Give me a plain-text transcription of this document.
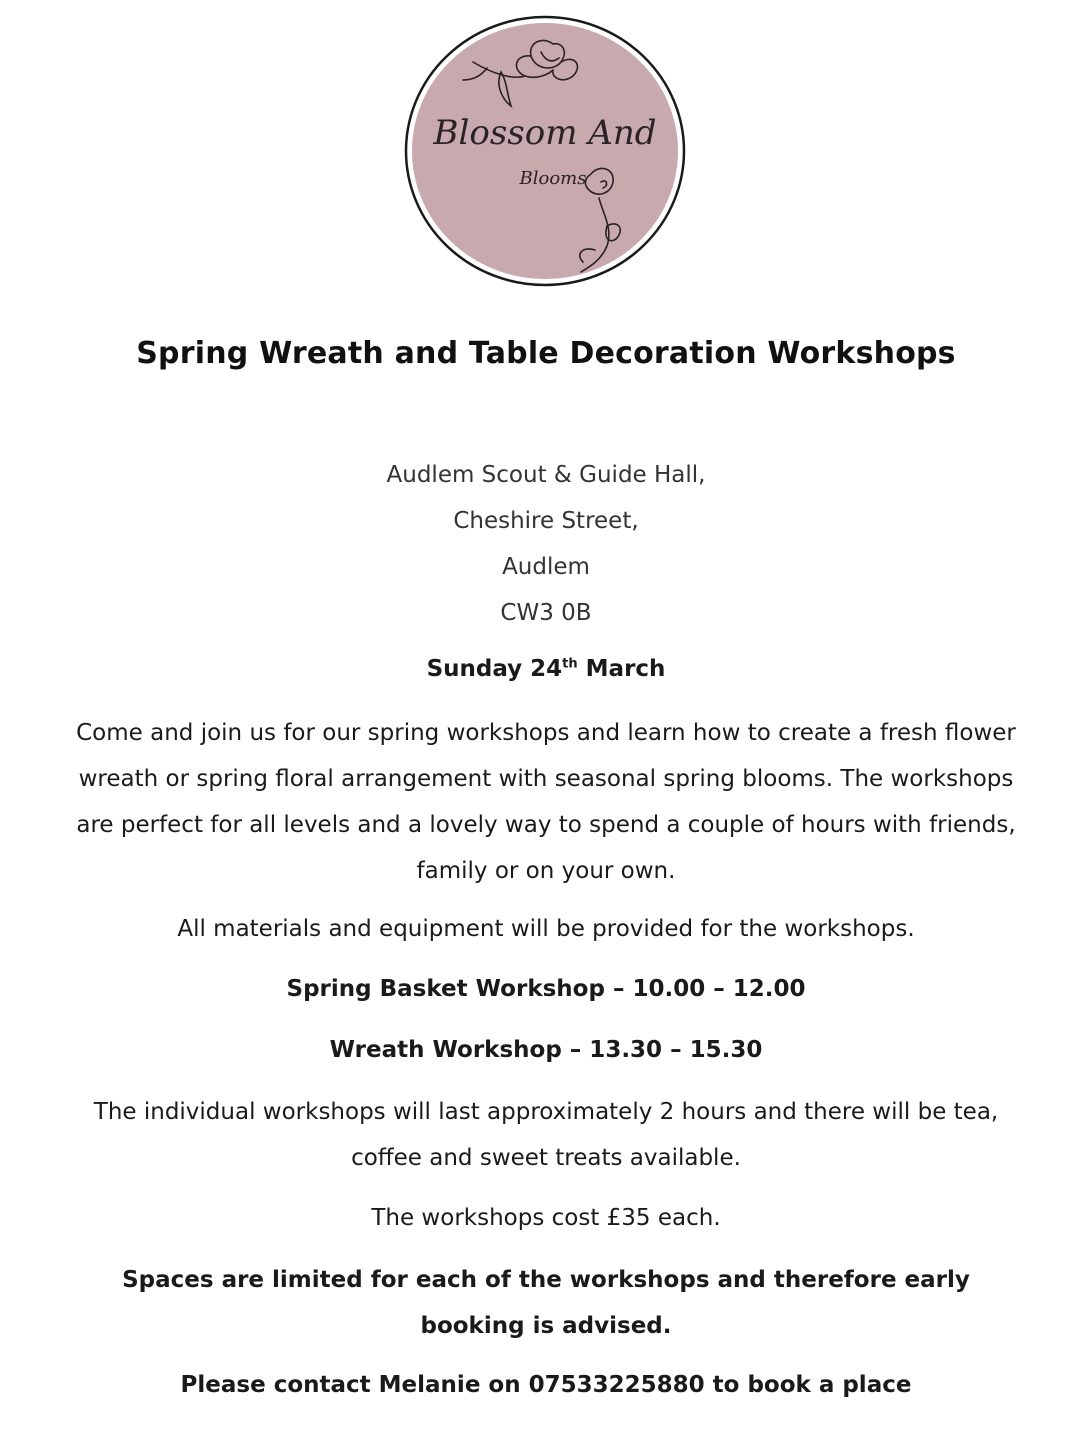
Blossom And
Blooms
Spring Wreath and Table Decoration Workshops
Audlem Scout & Guide Hall,
Cheshire Street,
Audlem
CW3 0B
Sunday 24th March
Come and join us for our spring workshops and learn how to create a fresh flower wreath or spring floral arrangement with seasonal spring blooms. The workshops are perfect for all levels and a lovely way to spend a couple of hours with friends, family or on your own.
All materials and equipment will be provided for the workshops.
Spring Basket Workshop – 10.00 – 12.00
Wreath Workshop – 13.30 – 15.30
The individual workshops will last approximately 2 hours and there will be tea, coffee and sweet treats available.
The workshops cost £35 each.
Spaces are limited for each of the workshops and therefore early booking is advised.
Please contact Melanie on 07533225880 to book a place
